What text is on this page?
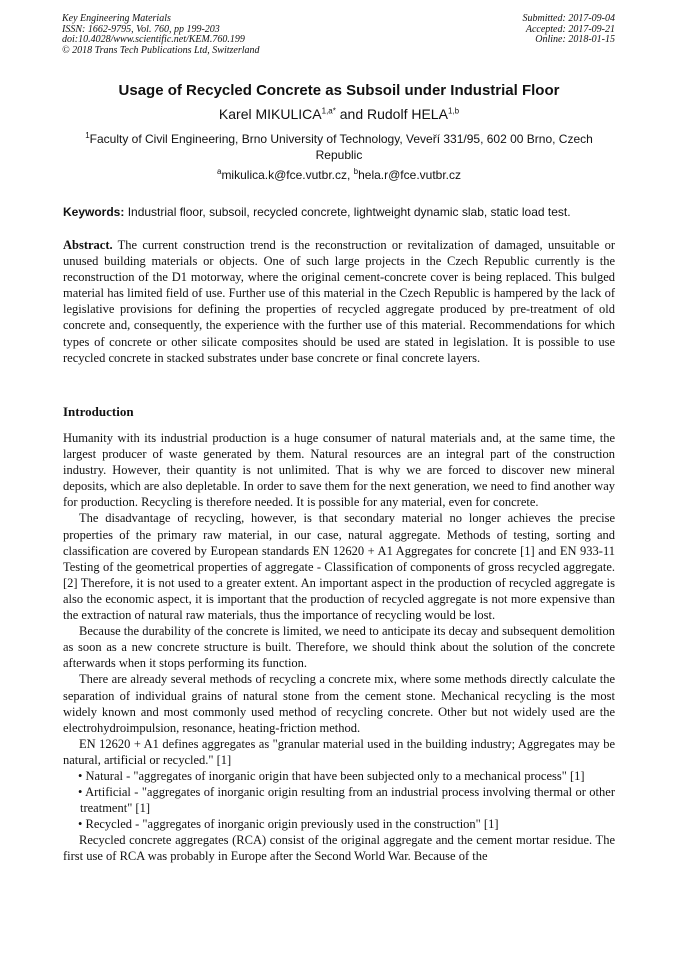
Key Engineering Materials
ISSN: 1662-9795, Vol. 760, pp 199-203
doi:10.4028/www.scientific.net/KEM.760.199
© 2018 Trans Tech Publications Ltd, Switzerland
Submitted: 2017-09-04
Accepted: 2017-09-21
Online: 2018-01-15
Usage of Recycled Concrete as Subsoil under Industrial Floor
Karel $MIKULICA^{1,a*}$ and Rudolf HELA$^{1,b}$
$^1$Faculty of Civil Engineering, Brno University of Technology, Veveří 331/95, 602 00 Brno, Czech Republic
$^a$mikulica.k@fce.vutbr.cz, $^b$hela.r@fce.vutbr.cz
Keywords: Industrial floor, subsoil, recycled concrete, lightweight dynamic slab, static load test.
Abstract. The current construction trend is the reconstruction or revitalization of damaged, unsuitable or unused building materials or objects. One of such large projects in the Czech Republic currently is the reconstruction of the D1 motorway, where the original cement-concrete cover is being replaced. This bulged material has limited field of use. Further use of this material in the Czech Republic is hampered by the lack of legislative provisions for defining the properties of recycled aggregate produced by pre-treatment of old concrete and, consequently, the experience with the further use of this material. Recommendations for which types of concrete or other silicate composites should be used are stated in legislation. It is possible to use recycled concrete in stacked substrates under base concrete or final concrete layers.
Introduction

Humanity with its industrial production is a huge consumer of natural materials and, at the same time, the largest producer of waste generated by them. Natural resources are an integral part of the construction industry. However, their quantity is not unlimited. That is why we are forced to discover new mineral deposits, which are also depletable. In order to save them for the next generation, we need to find another way for production. Recycling is therefore needed. It is possible for any material, even for concrete.

The disadvantage of recycling, however, is that secondary material no longer achieves the precise properties of the primary raw material, in our case, natural aggregate. Methods of testing, sorting and classification are covered by European standards EN 12620 + A1 Aggregates for concrete [1] and EN 933-11 Testing of the geometrical properties of aggregate - Classification of components of gross recycled aggregate. [2] Therefore, it is not used to a greater extent. An important aspect in the production of recycled aggregate is also the economic aspect, it is important that the production of recycled aggregate is not more expensive than the extraction of natural raw materials, thus the importance of recycling would be lost.

Because the durability of the concrete is limited, we need to anticipate its decay and subsequent demolition as soon as a new concrete structure is built. Therefore, we should think about the solution of the concrete afterwards when it stops performing its function.

There are already several methods of recycling a concrete mix, where some methods directly calculate the separation of individual grains of natural stone from the cement stone. Mechanical recycling is the most widely known and most commonly used method of recycling concrete. Other but not widely used are the electrohydroimpulsion, resonance, heating-friction method.

EN 12620 + A1 defines aggregates as "granular material used in the building industry; Aggregates may be natural, artificial or recycled." [1]

• Natural - "aggregates of inorganic origin that have been subjected only to a mechanical process" [1]

• Artificial - "aggregates of inorganic origin resulting from an industrial process involving thermal or other treatment" [1]

• Recycled - "aggregates of inorganic origin previously used in the construction" [1]

Recycled concrete aggregates (RCA) consist of the original aggregate and the cement mortar residue. The first use of RCA was probably in Europe after the Second World War. Because of the
